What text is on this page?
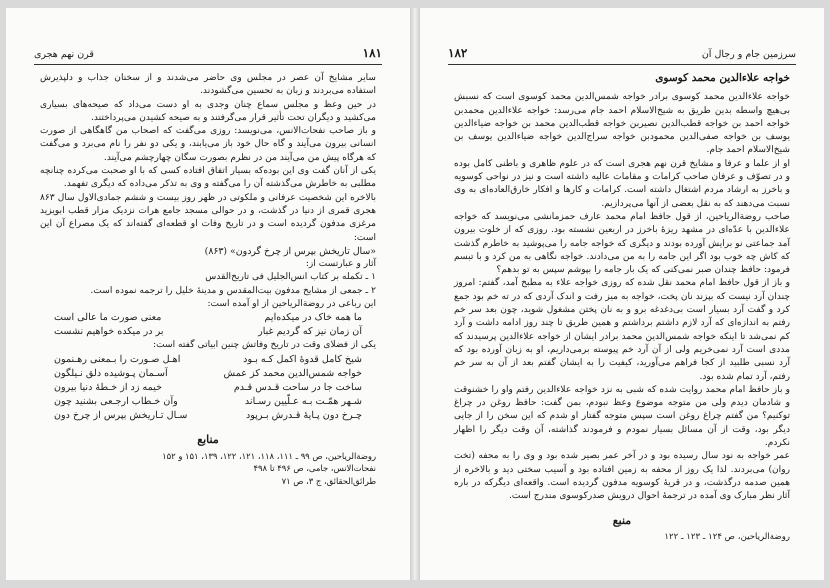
۱۸۱
قرن نهم هجری

سایر مشایخ آن عصر در مجلس وی حاضر می‌شدند و از سخنان جذاب و دلپذیرش استفاده می‌بردند و زبان به تحسین می‌گشودند.

در حین وعظ و مجلس سماع چنان وجدی به او دست می‌داد که صیحه‌های بسیاری می‌کشید و دیگران تحت تأثیر قرار می‌گرفتند و به صیحه کشیدن می‌پرداختند.

و باز صاحب نفحات‌الانس، می‌نویسد: روزی می‌گفت که اصحاب من گاهگاهی از صورت انسانی بیرون می‌آیند و گاه حال خود باز می‌یابند، و یکی دو نفر را نام می‌برد و می‌گفت که هرگاه پیش من می‌آیند من در نظرم بصورت سگان چهارچشم می‌آیند.

یکی از آنان گفت وی این بوده‌که بسیار اتفاق افتاده کسی که با او صحبت می‌کرده چنانچه مطلبی به خاطرش می‌گذشته آن را می‌گفته و وی به تذکر می‌داده که دیگری تفهمد.

بالاخره این شخصیت عرفانی و ملکوتی در ظهر روز بیست و ششم جمادی‌الاول سال ۸۶۳ هجری قمری از دنیا در گذشت، و در حوالی مسجد جامع هرات نزدیک مزار قطب ابویزید مرغزی مدفون گردیده است و در تاریخ وفات او قطعه‌ای گفته‌اند که یک مصراع آن این است:

«سال تاریخش بپرس از چرخ گردون» (۸۶۳)

آثار و عبارتست از:

۱ ـ تکمله بر کتاب انس‌الجلیل فی تاریخ‌القدس

۲ ـ جمعی از مشایخ مدفون بیت‌المقدس و مدینهٔ خلیل را ترجمه نموده است.

این رباعی در روضةالریاحین از او آمده است:

ما همه خاک در میکده‌ایم
معنی صورت ما عالی است
آن زمان نیز که گردیم غبار
بر در میکده خواهیم نشست

یکی از فضلای وقت در تاریخ وفاتش چنین ابیاتی گفته است:

شیخ کامل قدوهٔ اکمل کـه بـود
اهـل صـورت را بـمعنی رهـنمون
خواجه شمس‌الدین محمد کز عمش
آسـمان پـوشیده دلق نـیلگون
ساخت جا در ساحت قـدس قـدم
خیمه زد از خـطهٔ دنیا بیرون
شـهر همّـت بـه عـلّیین رسـاند
وآن خـطاب ارجـعی بشنید چون
چـرخ دون پـایهٔ قـدرش بـرپود
سـال تـاریخش بپرس از چرخ دون
منابع

روضةالریاحین، ص ۹۹ ـ ۱۱۱، ۱۱۸، ۱۲۱، ۱۲۲، ۱۳۹، ۱۵۱ و ۱۵۲

نفحات‌الانس، جامی، ص ۴۹۶ تا ۴۹۸

طرائق‌الحقائق، ج ۳، ص ۷۱

سرزمین جام و رجال آن
۱۸۲
خواجه علاءالدین محمد کوسوی

خواجه علاءالدین محمد کوسوی برادر خواجه شمس‌الدین محمد کوسوی است که نسبش بی‌هیچ واسطه بدین طریق به شیخ‌الاسلام احمد جام می‌رسد: خواجه علاءالدین محمدبن خواجه احمد بن خواجه قطب‌الدین نصیربن خواجه قطب‌الدین محمد بن خواجه ضیاءالدین یوسف بن خواجه صفی‌الدین محمودبن خواجه سراج‌الدین خواجه ضیاءالدین یوسف بن شیخ‌الاسلام احمد جام.

او از علما و عرفا و مشایخ قرن نهم هجری است که در علوم ظاهری و باطنی کامل بوده و در تصوّف و عرفان صاحب کرامات و مقامات عالیه داشته است و نیز در نواحی کوسویه و باخرز به ارشاد مردم اشتغال داشته است. کرامات و کارها و افکار خارق‌العاده‌ای به وی نسبت می‌دهند که به نقل بعضی از آنها می‌پردازیم.

صاحب روضةالریاحین، از قول حافظ امام محمد عارف حمزمانشی می‌نویسد که خواجه علاءالدین با عدّه‌ای در مشهد ریزهٔ باخرز در اربعین نشسته بود. روزی که از خلوت بیرون آمد جماعتی نو برایش آورده بودند و دیگری که خواجه جامه را می‌پوشید به خاطرم گذشت که کاش چه خوب بود اگر این جامه را به من می‌دادند. خواجه نگاهی به من کرد و با تبسم فرمود: حافظ چندان صبر نمی‌کنی که یک بار جامه را بپوشم سپس به تو بدهم؟

و باز از قول حافظ امام محمد نقل شده که روزی خواجه علاء به مطبخ آمد، گفتم: امروز چندان آرد نیست که بپزند نان پخت، خواجه به میز رفت و اندک آردی که در ته خم بود جمع کرد و گفت آرد بسیار است بی‌دغدغه برو و به نان پختن مشغول شوید، چون بعد سر خم رفتم به اندازه‌ای که آرد لازم داشتم برداشتم و همین طریق تا چند روز ادامه داشت و آرد کم نمی‌شد تا اینکه خواجه شمس‌الدین محمد برادر ایشان از خواجه علاءالدین پرسیدند که مددی است آرد نمی‌خریم ولی از آن آرد خم پیوسته برمی‌داریم، او به زبان آورده بود که آرد نسبی‌ طلبید از کجا فراهم می‌آورید، کیفیت را به ایشان گفتم بعد از آن به سر خم رفتم، آرد تمام شده بود.

و باز حافظ امام محمد روایت شده که شبی به نزد خواجه علاءالدین رفتم واو را خشنوقت و شادمان دیدم ولی من متوجه موضوع وعظ نبودم، بمن گفت: حافظ روغن در چراغ توکنیم؟ من گفتم چراغ روغن است سپس متوجه گفتار او شدم که این سخن را از جایی دیگر بود، وقت از آن مسائل بسیار نمودم و فرمودند گذاشته، آن وقت دیگر را اظهار نکردم.

عمر خواجه به نود سال رسیده بود و در آخر عمر بصیر شده بود و وی را به محفه (تخت روان) می‌بردند. لذا یک روز از محفه به زمین افتاده بود و آسیب سختی دید و بالاخره از همین صدمه درگذشت، و در قریهٔ کوسویه مدفون گردیده است. واقعه‌ای دیگرکه در باره آثار نظر مبارک وی آمده در ترجمهٔ احوال درویش صدرکوسوی مندرج است.

منبع

روضةالریاحین، ص ۱۲۴ ـ ۱۲۳ ـ ۱۲۲
